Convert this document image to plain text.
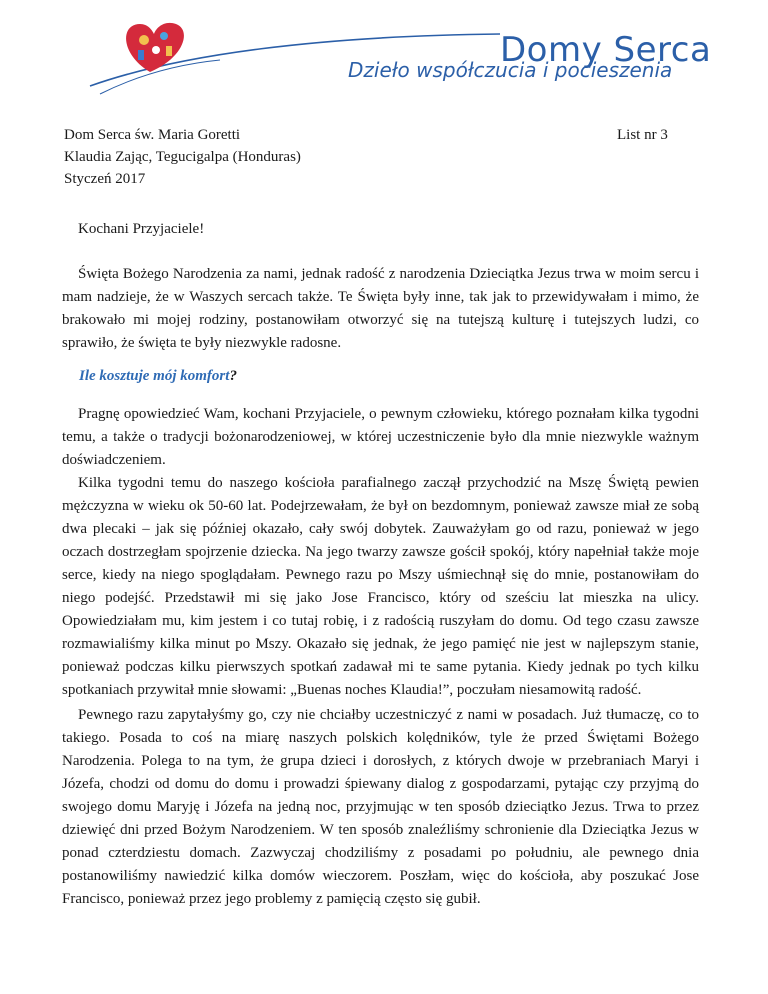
Domy Serca
Dzieło współczucia i pocieszenia
Dom Serca św. Maria Goretti
Klaudia Zając, Tegucigalpa (Honduras)
Styczeń 2017
List nr 3
Kochani Przyjaciele!

Święta Bożego Narodzenia za nami, jednak radość z narodzenia Dzieciątka Jezus trwa w moim sercu i mam nadzieje, że w Waszych sercach także. Te Święta były inne, tak jak to przewidywałam i mimo, że brakowało mi mojej rodziny, postanowiłam otworzyć się na tutejszą kulturę i tutejszych ludzi, co sprawiło, że święta te były niezwykle radosne.

Ile kosztuje mój komfort?

Pragnę opowiedzieć Wam, kochani Przyjaciele, o pewnym człowieku, którego poznałam kilka tygodni temu, a także o tradycji bożonarodzeniowej, w której uczestniczenie było dla mnie niezwykle ważnym doświadczeniem.

Kilka tygodni temu do naszego kościoła parafialnego zaczął przychodzić na Mszę Świętą pewien mężczyzna w wieku ok 50-60 lat. Podejrzewałam, że był on bezdomnym, ponieważ zawsze miał ze sobą dwa plecaki – jak się później okazało, cały swój dobytek. Zauważyłam go od razu, ponieważ w jego oczach dostrzegłam spojrzenie dziecka. Na jego twarzy zawsze gościł spokój, który napełniał także moje serce, kiedy na niego spoglądałam. Pewnego razu po Mszy uśmiechnął się do mnie, postanowiłam do niego podejść. Przedstawił mi się jako Jose Francisco, który od sześciu lat mieszka na ulicy. Opowiedziałam mu, kim jestem i co tutaj robię, i z radością ruszyłam do domu. Od tego czasu zawsze rozmawialiśmy kilka minut po Mszy. Okazało się jednak, że jego pamięć nie jest w najlepszym stanie, ponieważ podczas kilku pierwszych spotkań zadawał mi te same pytania. Kiedy jednak po tych kilku spotkaniach przywitał mnie słowami: „Buenas noches Klaudia!”, poczułam niesamowitą radość.

Pewnego razu zapytałyśmy go, czy nie chciałby uczestniczyć z nami w posadach. Już tłumaczę, co to takiego. Posada to coś na miarę naszych polskich kolędników, tyle że przed Świętami Bożego Narodzenia. Polega to na tym, że grupa dzieci i dorosłych, z których dwoje w przebraniach Maryi i Józefa, chodzi od domu do domu i prowadzi śpiewany dialog z gospodarzami, pytając czy przyjmą do swojego domu Maryję i Józefa na jedną noc, przyjmując w ten sposób dzieciątko Jezus. Trwa to przez dziewięć dni przed Bożym Narodzeniem. W ten sposób znaleźliśmy schronienie dla Dzieciątka Jezus w ponad czterdziestu domach. Zazwyczaj chodziliśmy z posadami po południu, ale pewnego dnia postanowiliśmy nawiedzić kilka domów wieczorem. Poszłam, więc do kościoła, aby poszukać Jose Francisco, ponieważ przez jego problemy z pamięcią często się gubił.
